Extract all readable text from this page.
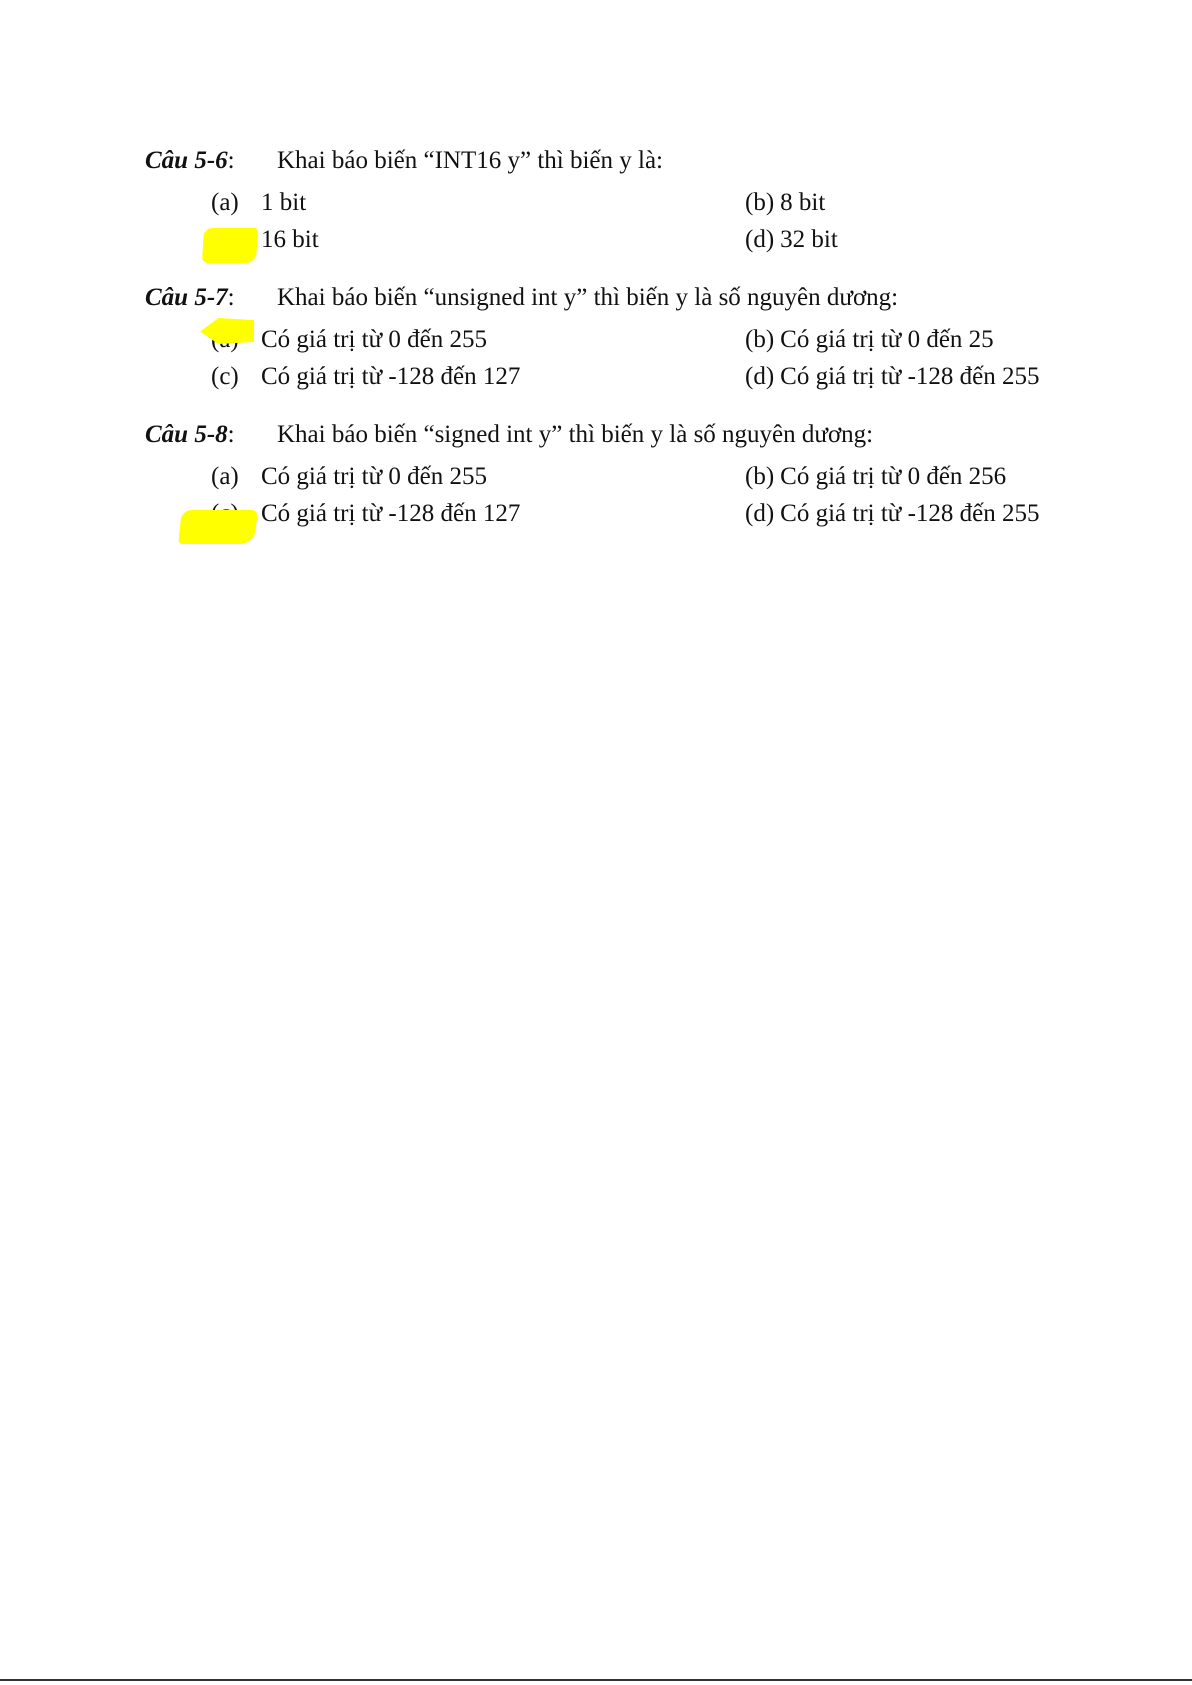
Câu 5-6: Khai báo biến “INT16 y” thì biến y là:
(a) 1 bit	(b) 8 bit
16 bit	(d) 32 bit
Câu 5-7: Khai báo biến “unsigned int y” thì biến y là số nguyên dương:
Có giá trị từ 0 đến 255	(b) Có giá trị từ 0 đến 25
(c) Có giá trị từ -128 đến 127	(d) Có giá trị từ -128 đến 255
Câu 5-8: Khai báo biến “signed int y” thì biến y là số nguyên dương:
(a) Có giá trị từ 0 đến 255	(b) Có giá trị từ 0 đến 256
Có giá trị từ -128 đến 127	(d) Có giá trị từ -128 đến 255
